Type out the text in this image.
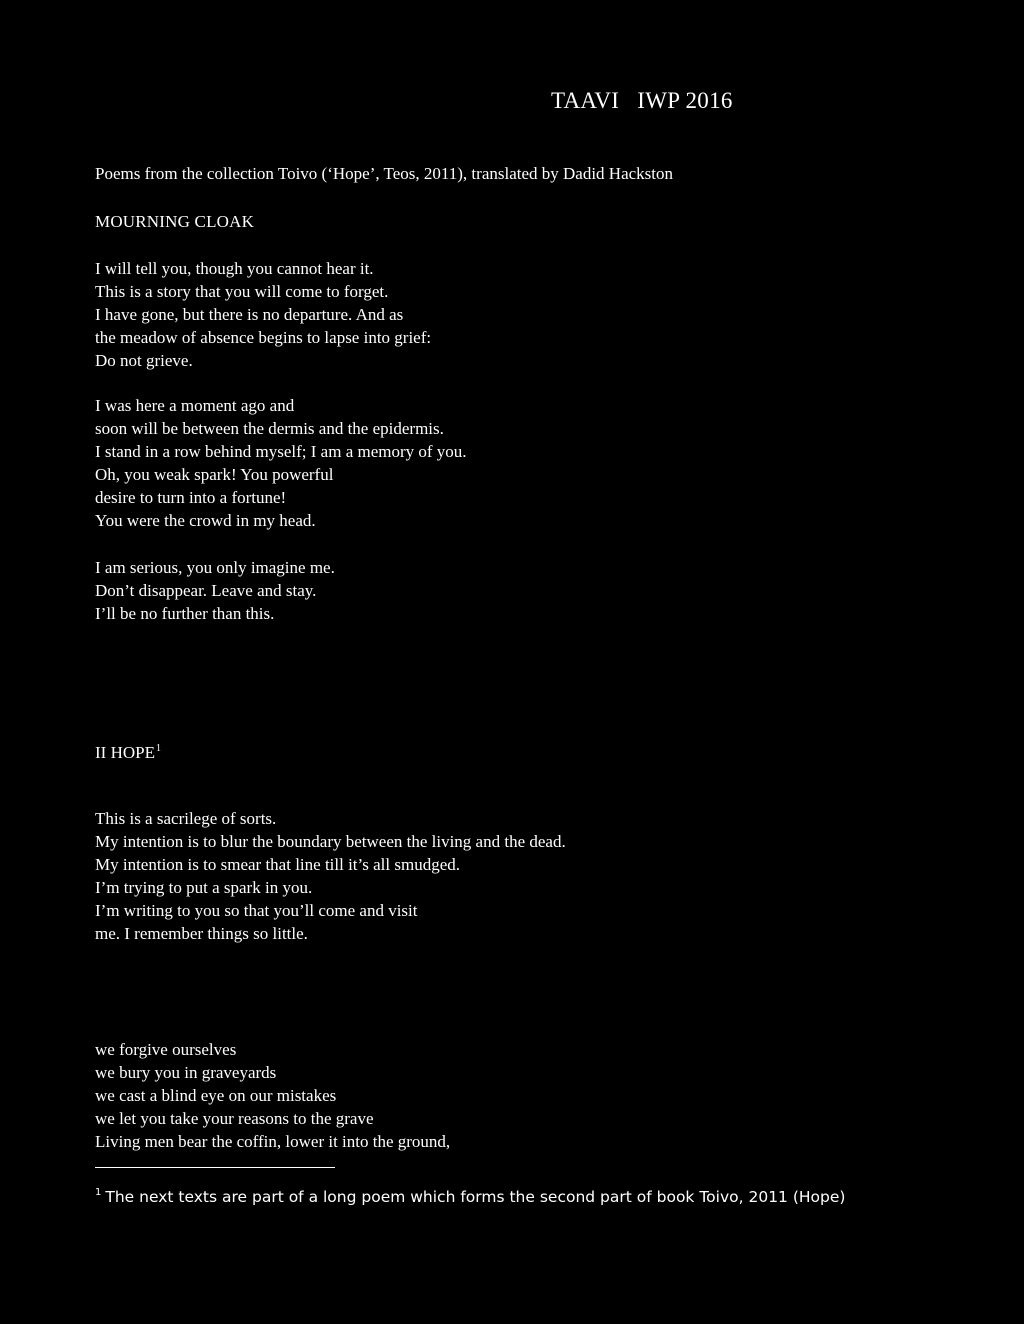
TAAVI IWP 2016
Poems from the collection Toivo (‘Hope’, Teos, 2011), translated by Dadid Hackston
MOURNING CLOAK
I will tell you, though you cannot hear it.
This is a story that you will come to forget.
I have gone, but there is no departure. And as
the meadow of absence begins to lapse into grief:
Do not grieve.
I was here a moment ago and
soon will be between the dermis and the epidermis.
I stand in a row behind myself; I am a memory of you.
Oh, you weak spark! You powerful
desire to turn into a fortune!
You were the crowd in my head.
I am serious, you only imagine me.
Don’t disappear. Leave and stay.
I’ll be no further than this.
II HOPE$^1$
This is a sacrilege of sorts.
My intention is to blur the boundary between the living and the dead.
My intention is to smear that line till it’s all smudged.
I’m trying to put a spark in you.
I’m writing to you so that you’ll come and visit
me. I remember things so little.
we forgive ourselves
we bury you in graveyards
we cast a blind eye on our mistakes
we let you take your reasons to the grave
Living men bear the coffin, lower it into the ground,
$^1$ The next texts are part of a long poem which forms the second part of book Toivo, 2011 (Hope)
